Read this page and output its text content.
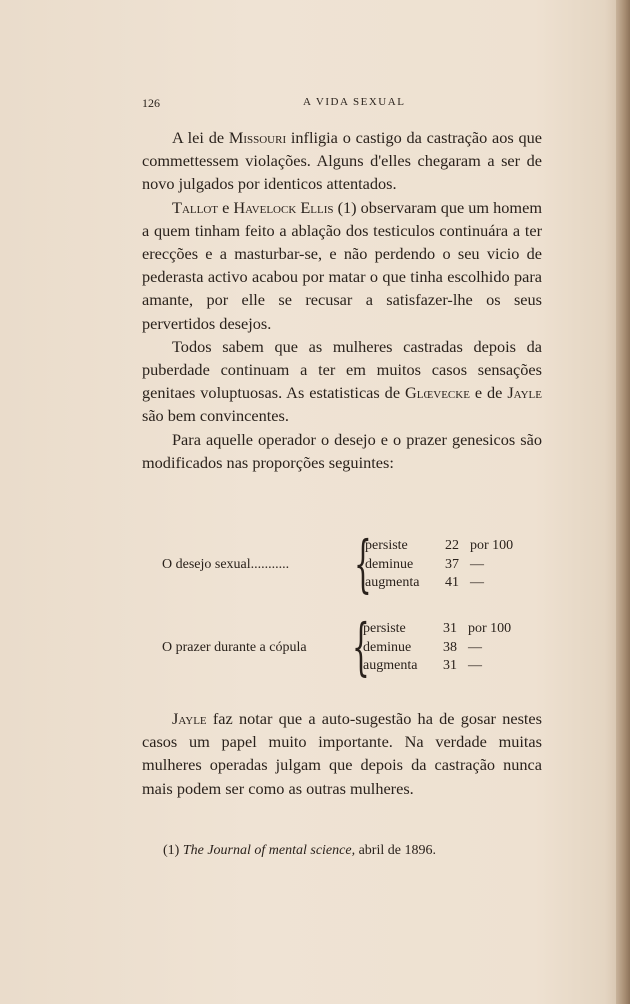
126	A VIDA SEXUAL

A lei de Missouri infligia o castigo da castração aos que commettessem violações. Alguns d'elles chegaram a ser de novo julgados por identicos attentados.

Tallot e Havelock Ellis (1) observaram que um homem a quem tinham feito a ablação dos testiculos continuára a ter erecções e a masturbar-se, e não perdendo o seu vicio de pederasta activo acabou por matar o que tinha escolhido para amante, por elle se recusar a satisfazer-lhe os seus pervertidos desejos.

Todos sabem que as mulheres castradas depois da puberdade continuam a ter em muitos casos sensações genitaes voluptuosas. As estatisticas de Glœvecke e de Jayle são bem convincentes.

Para aquelle operador o desejo e o prazer genesicos são modificados nas proporções seguintes:

O desejo sexual........... {
persiste	22 por 100
deminue 37 —
augmenta 41 —
O prazer durante a cópula {
persiste	31 por 100
deminue 38 —
augmenta 31 —

Jayle faz notar que a auto-sugestão ha de gosar nestes casos um papel muito importante. Na verdade muitas mulheres operadas julgam que depois da castração nunca mais podem ser como as outras mulheres.

(1) The Journal of mental science, abril de 1896.
